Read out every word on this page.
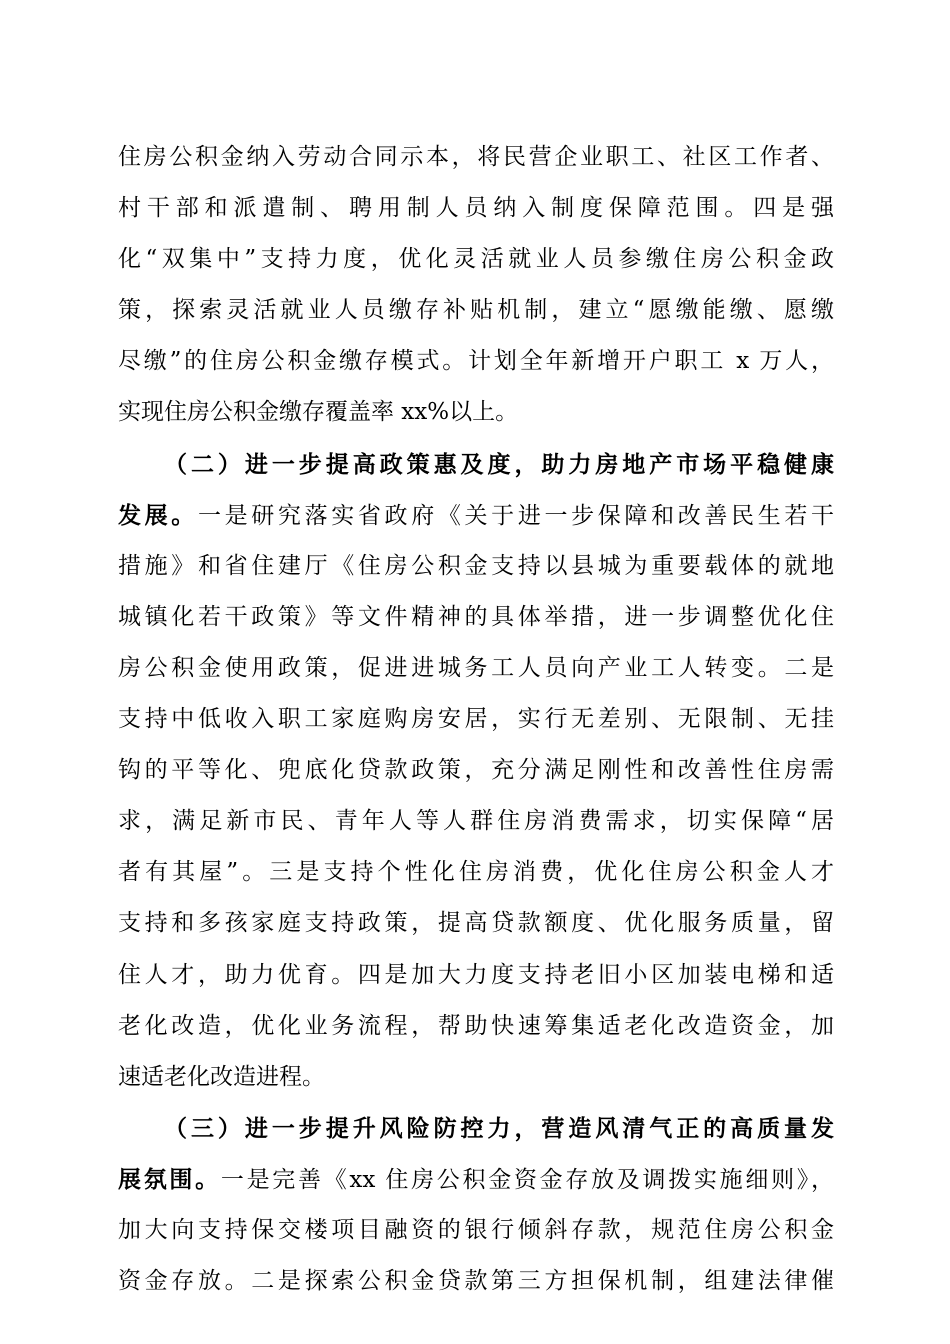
住房公积金纳入劳动合同示本，将民营企业职工、社区工作者、
村干部和派遣制、聘用制人员纳入制度保障范围。四是强
化“双集中”支持力度，优化灵活就业人员参缴住房公积金政
策，探索灵活就业人员缴存补贴机制，建立“愿缴能缴、愿缴
尽缴”的住房公积金缴存模式。计划全年新增开户职工 x 万人，
实现住房公积金缴存覆盖率 xx%以上。
（二）进一步提高政策惠及度，助力房地产市场平稳健康
发展。一是研究落实省政府《关于进一步保障和改善民生若干
措施》和省住建厅《住房公积金支持以县城为重要载体的就地
城镇化若干政策》等文件精神的具体举措，进一步调整优化住
房公积金使用政策，促进进城务工人员向产业工人转变。二是
支持中低收入职工家庭购房安居，实行无差别、无限制、无挂
钩的平等化、兜底化贷款政策，充分满足刚性和改善性住房需
求，满足新市民、青年人等人群住房消费需求，切实保障“居
者有其屋”。三是支持个性化住房消费，优化住房公积金人才
支持和多孩家庭支持政策，提高贷款额度、优化服务质量，留
住人才，助力优育。四是加大力度支持老旧小区加装电梯和适
老化改造，优化业务流程，帮助快速筹集适老化改造资金，加
速适老化改造进程。
（三）进一步提升风险防控力，营造风清气正的高质量发
展氛围。一是完善《xx 住房公积金资金存放及调拨实施细则》，
加大向支持保交楼项目融资的银行倾斜存款，规范住房公积金
资金存放。二是探索公积金贷款第三方担保机制，组建法律催
